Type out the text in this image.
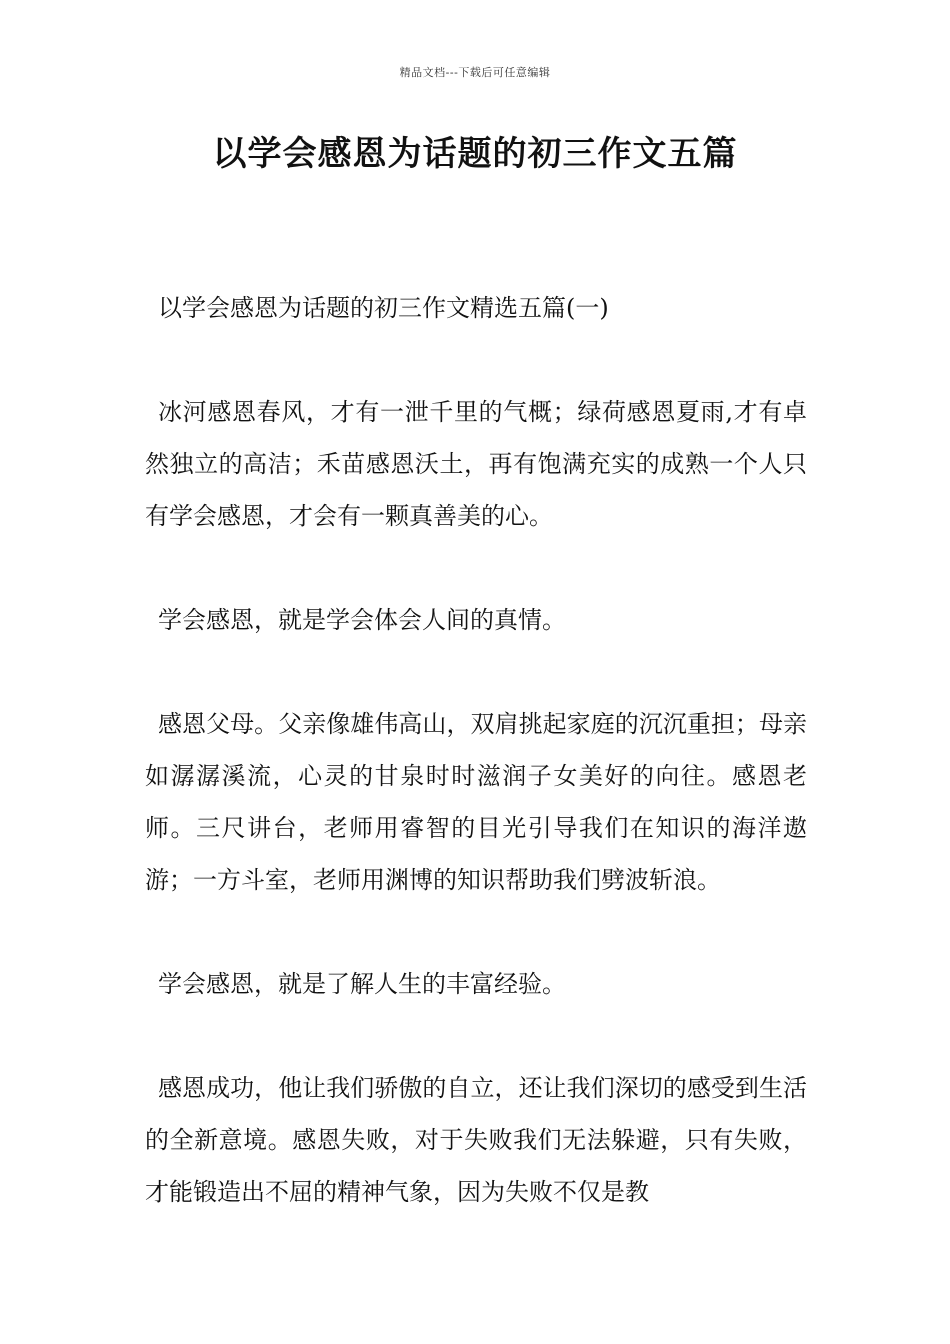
精品文档---下载后可任意编辑
以学会感恩为话题的初三作文五篇

以学会感恩为话题的初三作文精选五篇(一)

冰河感恩春风，才有一泄千里的气概；绿荷感恩夏雨,才有卓然独立的高洁；禾苗感恩沃土，再有饱满充实的成熟一个人只有学会感恩，才会有一颗真善美的心。

学会感恩，就是学会体会人间的真情。

感恩父母。父亲像雄伟高山，双肩挑起家庭的沉沉重担；母亲如潺潺溪流，心灵的甘泉时时滋润子女美好的向往。感恩老师。三尺讲台，老师用睿智的目光引导我们在知识的海洋遨游；一方斗室，老师用渊博的知识帮助我们劈波斩浪。

学会感恩，就是了解人生的丰富经验。

感恩成功，他让我们骄傲的自立，还让我们深切的感受到生活的全新意境。感恩失败，对于失败我们无法躲避，只有失败，才能锻造出不屈的精神气象，因为失败不仅是教
